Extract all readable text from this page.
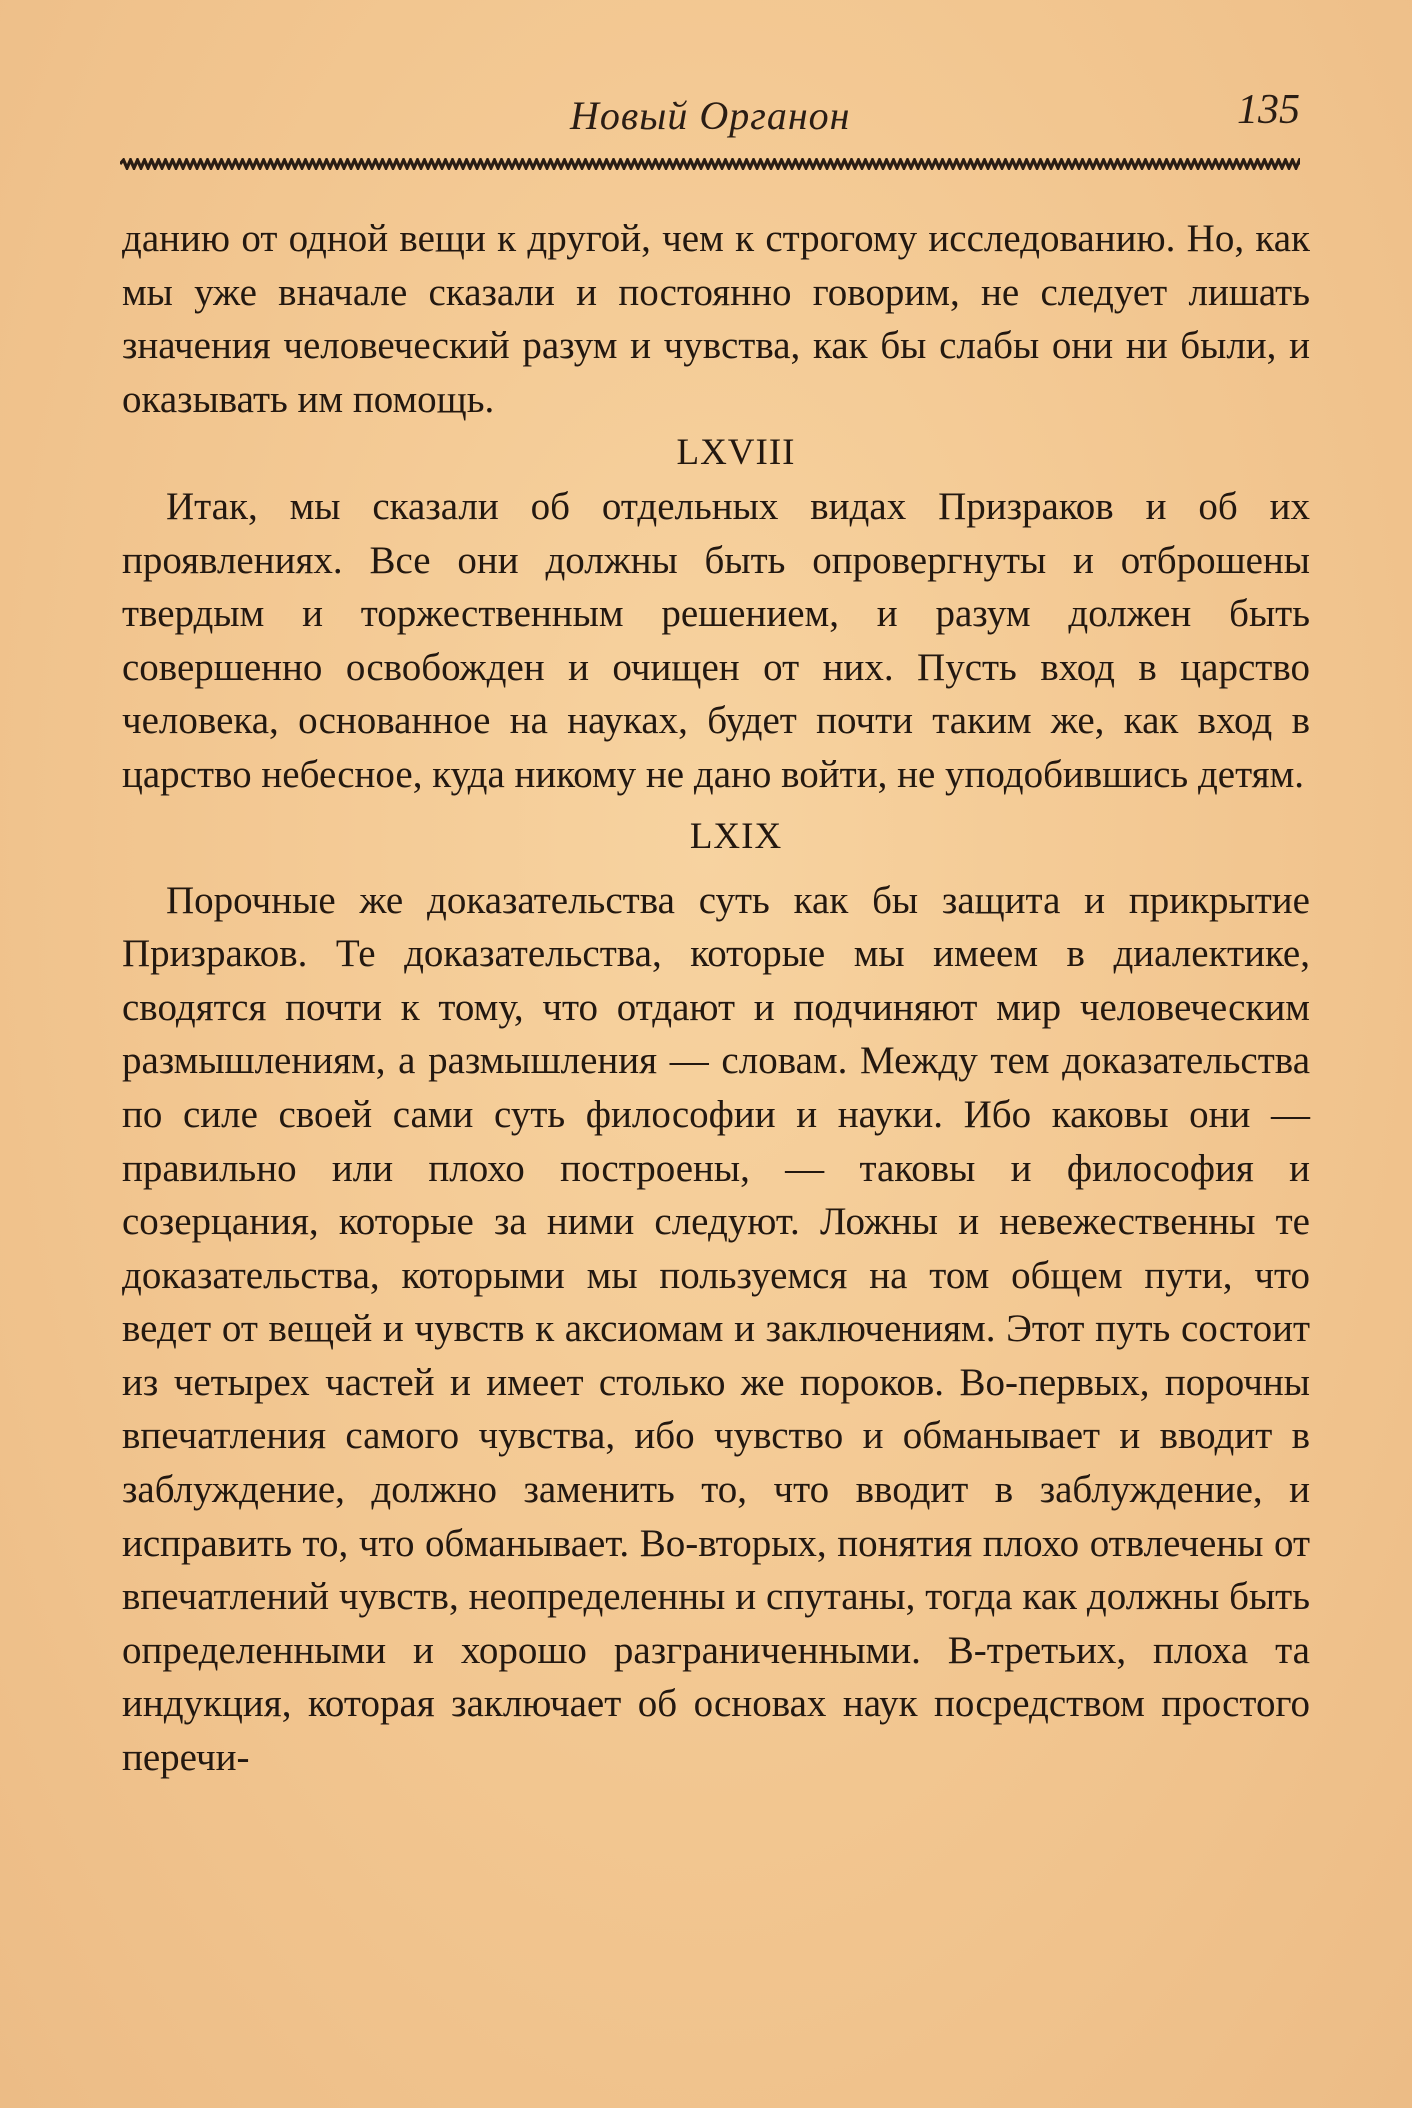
Новый Органон	135

данию от одной вещи к другой, чем к строгому исследованию. Но, как мы уже вначале сказали и постоянно говорим, не следует лишать значения человеческий разум и чувства, как бы слабы они ни были, и оказывать им помощь.

LXVIII

Итак, мы сказали об отдельных видах Призраков и об их проявлениях. Все они должны быть опровергнуты и отброшены твердым и торжественным решением, и разум должен быть совершенно освобожден и очищен от них. Пусть вход в царство человека, основанное на науках, будет почти таким же, как вход в царство небесное, куда никому не дано войти, не уподобившись детям.

LXIX

Порочные же доказательства суть как бы защита и прикрытие Призраков. Те доказательства, которые мы имеем в диалектике, сводятся почти к тому, что отдают и подчиняют мир человеческим размышлениям, а размышления — словам. Между тем доказательства по силе своей сами суть философии и науки. Ибо каковы они — правильно или плохо построены, — таковы и философия и созерцания, которые за ними следуют. Ложны и невежественны те доказательства, которыми мы пользуемся на том общем пути, что ведет от вещей и чувств к аксиомам и заключениям. Этот путь состоит из четырех частей и имеет столько же пороков. Во-первых, порочны впечатления самого чувства, ибо чувство и обманывает и вводит в заблуждение, должно заменить то, что вводит в заблуждение, и исправить то, что обманывает. Во-вторых, понятия плохо отвлечены от впечатлений чувств, неопределенны и спутаны, тогда как должны быть определенными и хорошо разграниченными. В-третьих, плоха та индукция, которая заключает об основах наук посредством простого перечи-
